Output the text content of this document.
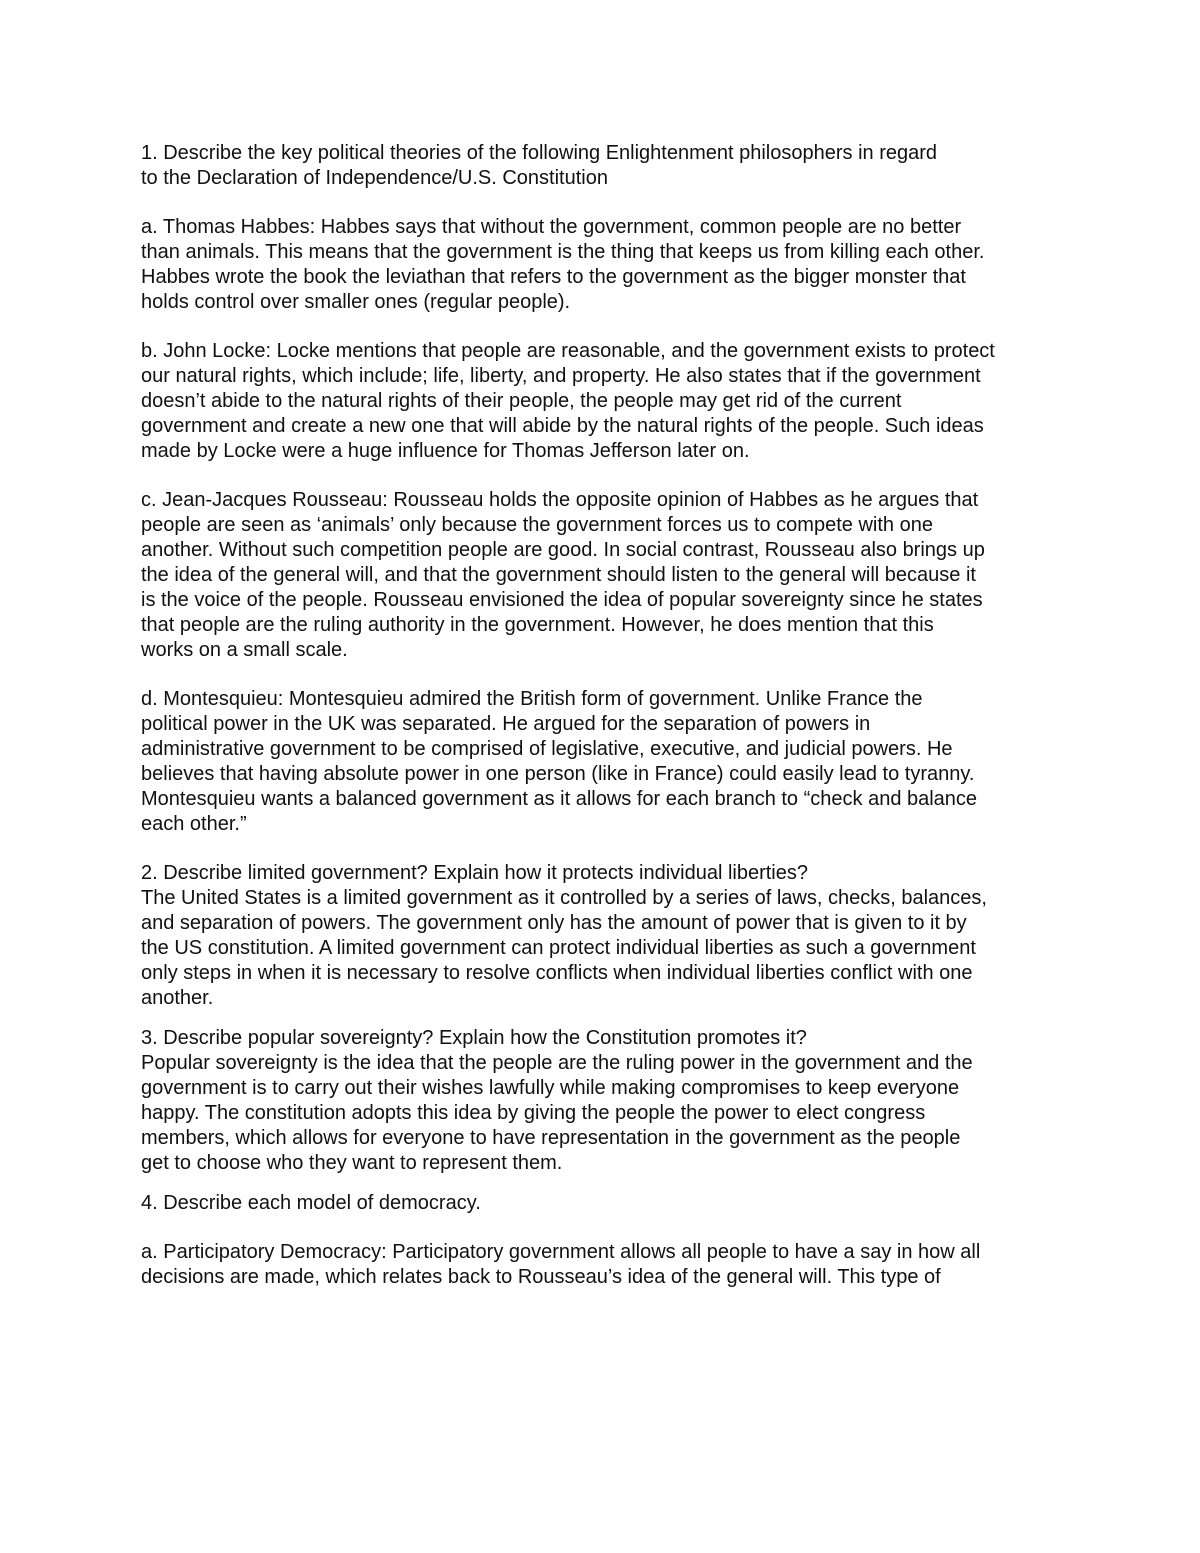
1. Describe the key political theories of the following Enlightenment philosophers in regard
to the Declaration of Independence/U.S. Constitution

a. Thomas Habbes: Habbes says that without the government, common people are no better
than animals. This means that the government is the thing that keeps us from killing each other.
Habbes wrote the book the leviathan that refers to the government as the bigger monster that
holds control over smaller ones (regular people).

b. John Locke: Locke mentions that people are reasonable, and the government exists to protect
our natural rights, which include; life, liberty, and property. He also states that if the government
doesn’t abide to the natural rights of their people, the people may get rid of the current
government and create a new one that will abide by the natural rights of the people. Such ideas
made by Locke were a huge influence for Thomas Jefferson later on.

c. Jean-Jacques Rousseau: Rousseau holds the opposite opinion of Habbes as he argues that
people are seen as ‘animals’ only because the government forces us to compete with one
another. Without such competition people are good. In social contrast, Rousseau also brings up
the idea of the general will, and that the government should listen to the general will because it
is the voice of the people. Rousseau envisioned the idea of popular sovereignty since he states
that people are the ruling authority in the government. However, he does mention that this
works on a small scale.

d. Montesquieu: Montesquieu admired the British form of government. Unlike France the
political power in the UK was separated. He argued for the separation of powers in
administrative government to be comprised of legislative, executive, and judicial powers. He
believes that having absolute power in one person (like in France) could easily lead to tyranny.
Montesquieu wants a balanced government as it allows for each branch to “check and balance
each other.”

2. Describe limited government? Explain how it protects individual liberties?
The United States is a limited government as it controlled by a series of laws, checks, balances,
and separation of powers. The government only has the amount of power that is given to it by
the US constitution. A limited government can protect individual liberties as such a government
only steps in when it is necessary to resolve conflicts when individual liberties conflict with one
another.

3. Describe popular sovereignty? Explain how the Constitution promotes it?
Popular sovereignty is the idea that the people are the ruling power in the government and the
government is to carry out their wishes lawfully while making compromises to keep everyone
happy. The constitution adopts this idea by giving the people the power to elect congress
members, which allows for everyone to have representation in the government as the people
get to choose who they want to represent them.

4. Describe each model of democracy.

a. Participatory Democracy: Participatory government allows all people to have a say in how all
decisions are made, which relates back to Rousseau’s idea of the general will. This type of
